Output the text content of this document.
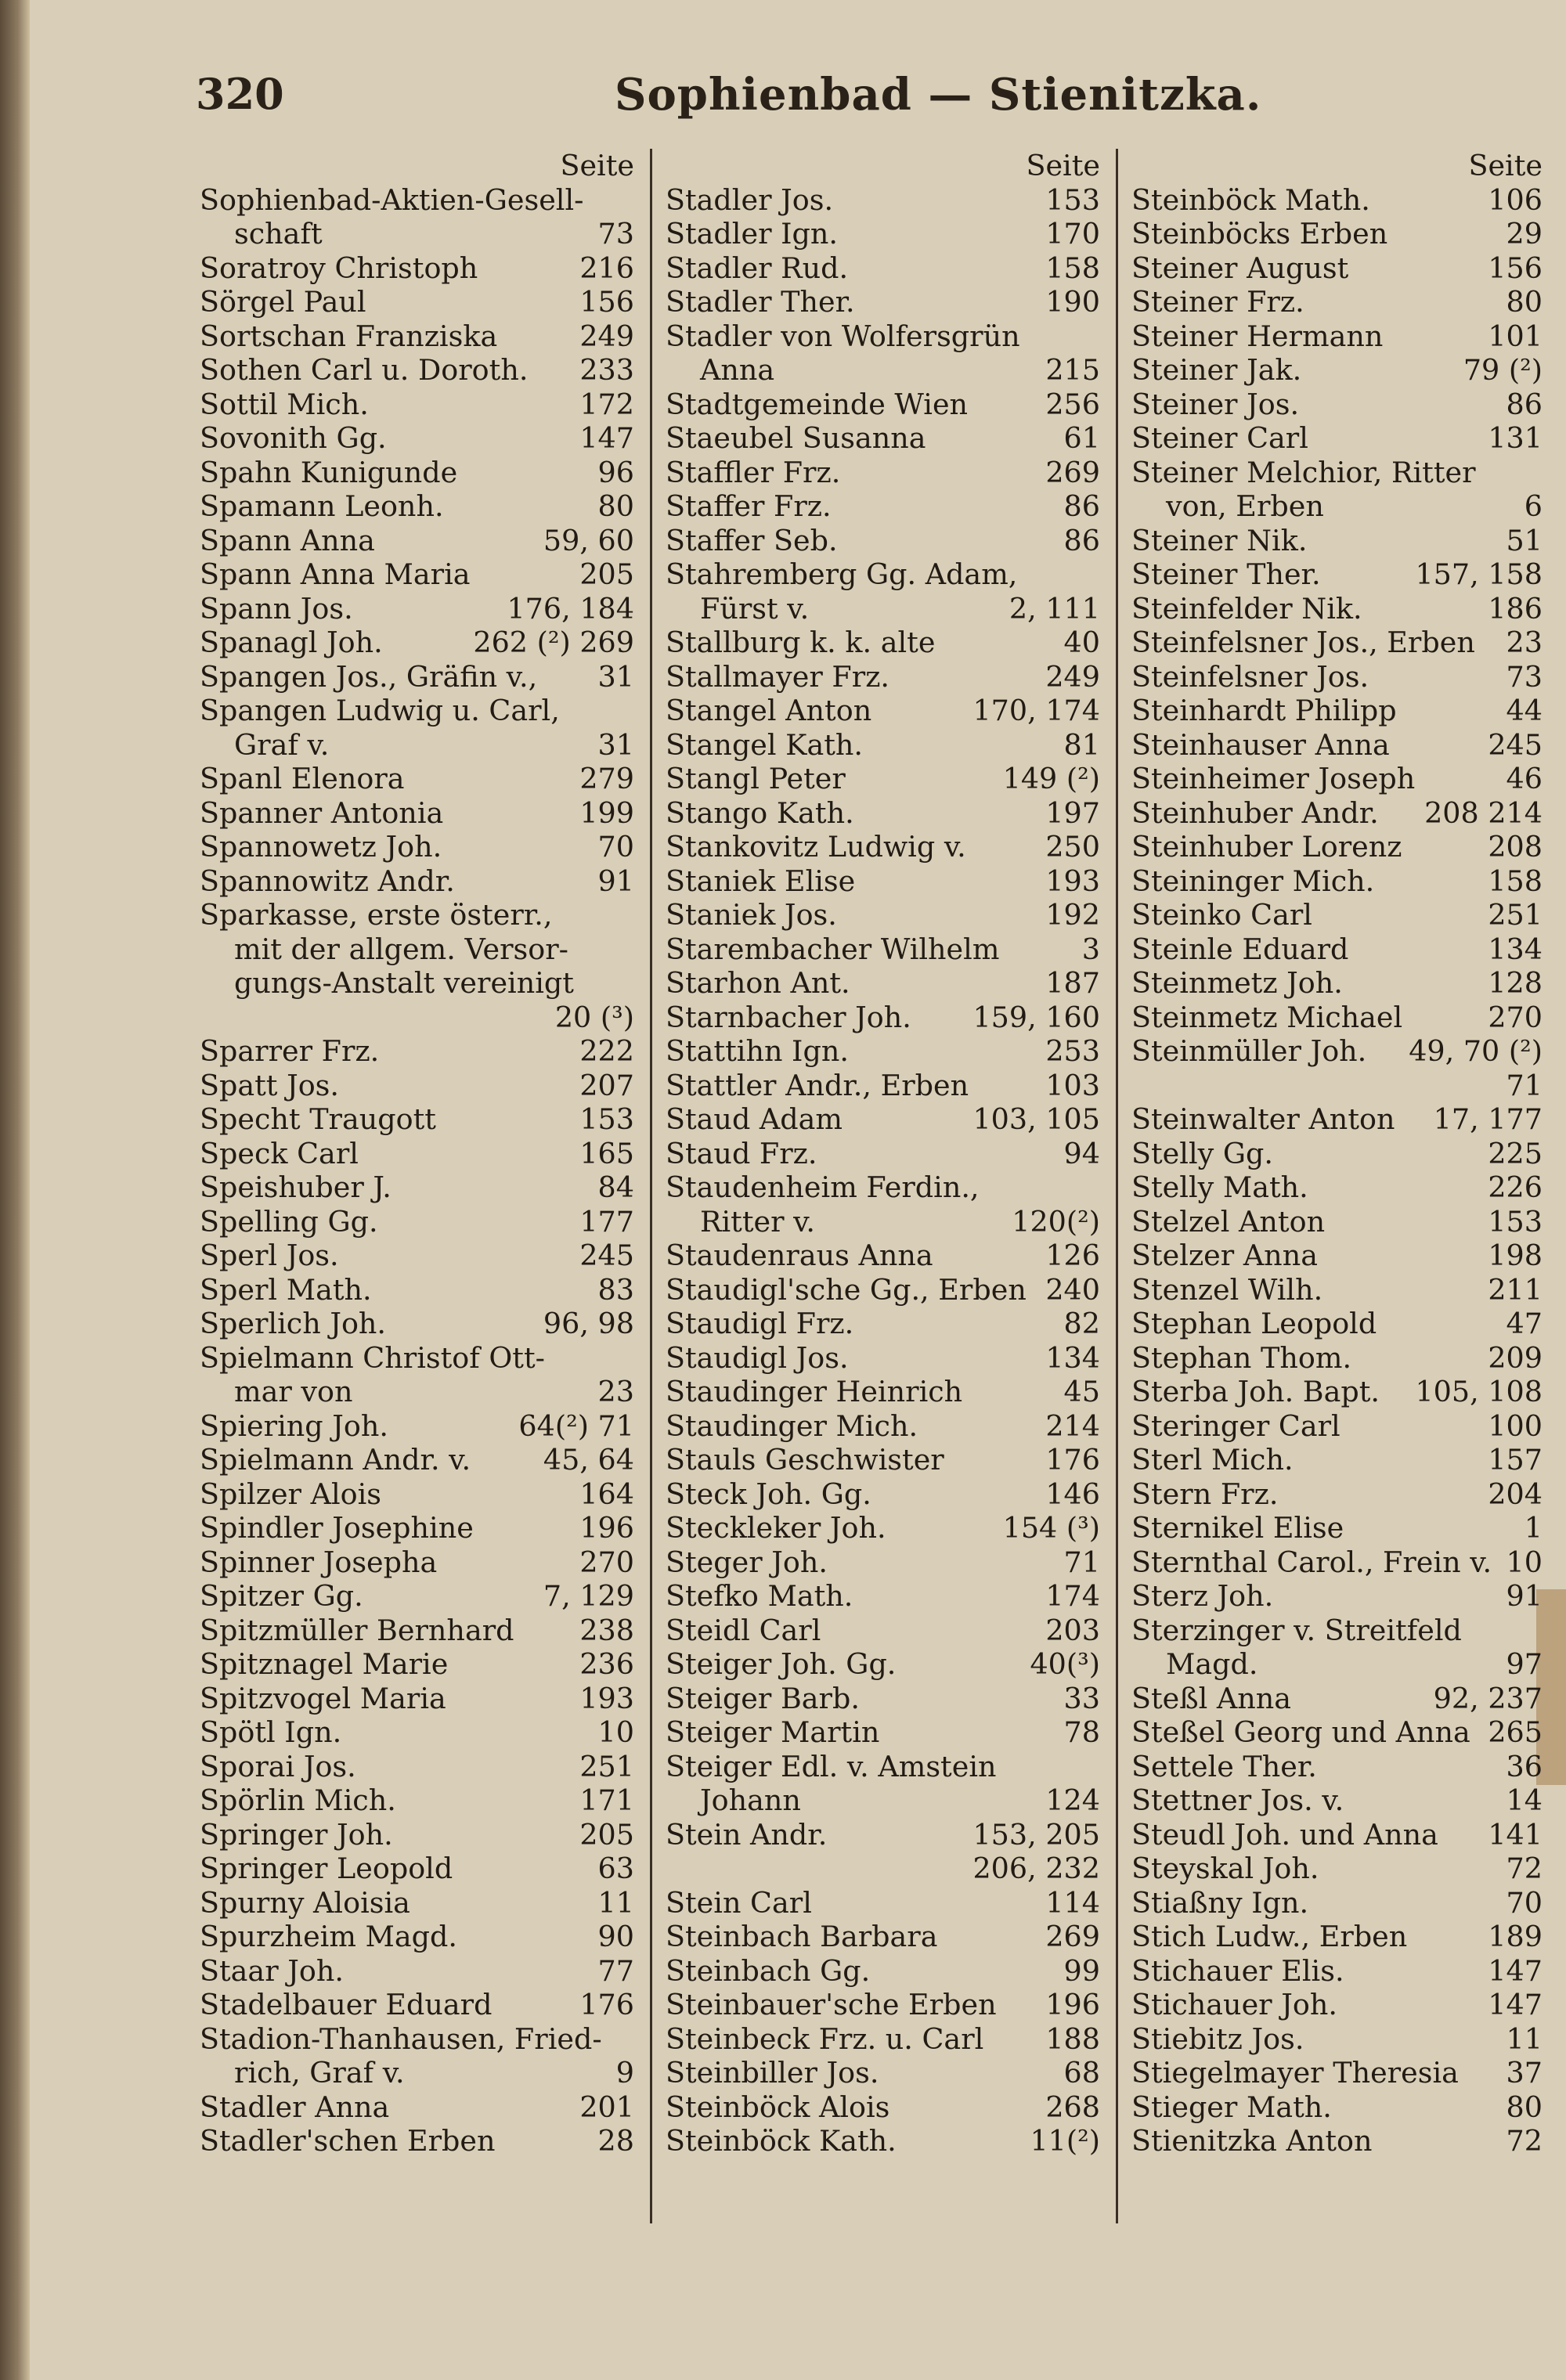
320	Sophienbad — Stienitzka.
Seite
Sophienbad-Aktien-Gesell-
schaft	73
Soratroy Christoph	216
Sörgel Paul	156
Sortschan Franziska	249
Sothen Carl u. Doroth. 233
Sottil Mich.	172
Sovonith Gg.	147
Spahn Kunigunde	96
Spamann Leonh.	80
Spann Anna	59, 60
Spann Anna Maria	205
Spann Jos.	176, 184
Spanagl Joh.	262 (²) 269
Spangen Jos., Gräfin v., 31
Spangen Ludwig u. Carl,
Graf v.	31
Spanl Elenora	279
Spanner Antonia	199
Spannowetz Joh.	70
Spannowitz Andr.	91
Sparkasse, erste österr.,
mit der allgem. Versor-
gungs-Anstalt vereinigt
20 (³)
Sparrer Frz.	222
Spatt Jos.	207
Specht Traugott	153
Speck Carl	165
Speishuber J.	84
Spelling Gg.	177
Sperl Jos.	245
Sperl Math.	83
Sperlich Joh.	96, 98
Spielmann Christof Ott-
mar von	23
Spiering Joh.	64(²) 71
Spielmann Andr. v.	45, 64
Spilzer Alois	164
Spindler Josephine	196
Spinner Josepha	270
Spitzer Gg.	7, 129
Spitzmüller Bernhard 238
Spitznagel Marie	236
Spitzvogel Maria	193
Spötl Ign.	10
Sporai Jos.	251
Spörlin Mich.	171
Springer Joh.	205
Springer Leopold	63
Spurny Aloisia	11
Spurzheim Magd.	90
Staar Joh.	77
Stadelbauer Eduard	176
Stadion-Thanhausen, Fried-
rich, Graf v.	9
Stadler Anna	201
Stadler'schen Erben	28
Seite
Stadler Jos.	153
Stadler Ign.	170
Stadler Rud.	158
Stadler Ther.	190
Stadler von Wolfersgrün
Anna	215
Stadtgemeinde Wien	256
Staeubel Susanna	61
Staffler Frz.	269
Staffer Frz.	86
Staffer Seb.	86
Stahremberg Gg. Adam,
Fürst v.	2, 111
Stallburg k. k. alte	40
Stallmayer Frz.	249
Stangel Anton	170, 174
Stangel Kath.	81
Stangl Peter	149 (²)
Stango Kath.	197
Stankovitz Ludwig v.	250
Staniek Elise	193
Staniek Jos.	192
Starembacher Wilhelm	3
Starhon Ant.	187
Starnbacher Joh. 159, 160
Stattihn Ign.	253
Stattler Andr., Erben	103
Staud Adam	103, 105
Staud Frz.	94
Staudenheim Ferdin.,
Ritter v.	120(²)
Staudenraus Anna	126
Staudigl'sche Gg., Erben 240
Staudigl Frz.	82
Staudigl Jos.	134
Staudinger Heinrich	45
Staudinger Mich.	214
Stauls Geschwister	176
Steck Joh. Gg.	146
Steckleker Joh.	154 (³)
Steger Joh.	71
Stefko Math.	174
Steidl Carl	203
Steiger Joh. Gg.	40(³)
Steiger Barb.	33
Steiger Martin	78
Steiger Edl. v. Amstein
Johann	124
Stein Andr.	153, 205
206, 232
Stein Carl	114
Steinbach Barbara	269
Steinbach Gg.	99
Steinbauer'sche Erben 196
Steinbeck Frz. u. Carl 188
Steinbiller Jos.	68
Steinböck Alois	268
Steinböck Kath.	11(²)
Seite
Steinböck Math.	106
Steinböcks Erben	29
Steiner August	156
Steiner Frz.	80
Steiner Hermann	101
Steiner Jak.	79 (²)
Steiner Jos.	86
Steiner Carl	131
Steiner Melchior, Ritter
von, Erben	6
Steiner Nik.	51
Steiner Ther.	157, 158
Steinfelder Nik.	186
Steinfelsner Jos., Erben 23
Steinfelsner Jos.	73
Steinhardt Philipp	44
Steinhauser Anna	245
Steinheimer Joseph	46
Steinhuber Andr. 208 214
Steinhuber Lorenz	208
Steininger Mich.	158
Steinko Carl	251
Steinle Eduard	134
Steinmetz Joh.	128
Steinmetz Michael	270
Steinmüller Joh. 49, 70 (²)
71
Steinwalter Anton 17, 177
Stelly Gg.	225
Stelly Math.	226
Stelzel Anton	153
Stelzer Anna	198
Stenzel Wilh.	211
Stephan Leopold	47
Stephan Thom.	209
Sterba Joh. Bapt. 105, 108
Steringer Carl	100
Sterl Mich.	157
Stern Frz.	204
Sternikel Elise	1
Sternthal Carol., Frein v. 10
Sterz Joh.	91
Sterzinger v. Streitfeld
Magd.	97
Steßl Anna	92, 237
Steßel Georg und Anna 265
Settele Ther.	36
Stettner Jos. v.	14
Steudl Joh. und Anna 141
Steyskal Joh.	72
Stiaßny Ign.	70
Stich Ludw., Erben	189
Stichauer Elis.	147
Stichauer Joh.	147
Stiebitz Jos.	11
Stiegelmayer Theresia 37
Stieger Math.	80
Stienitzka Anton	72
